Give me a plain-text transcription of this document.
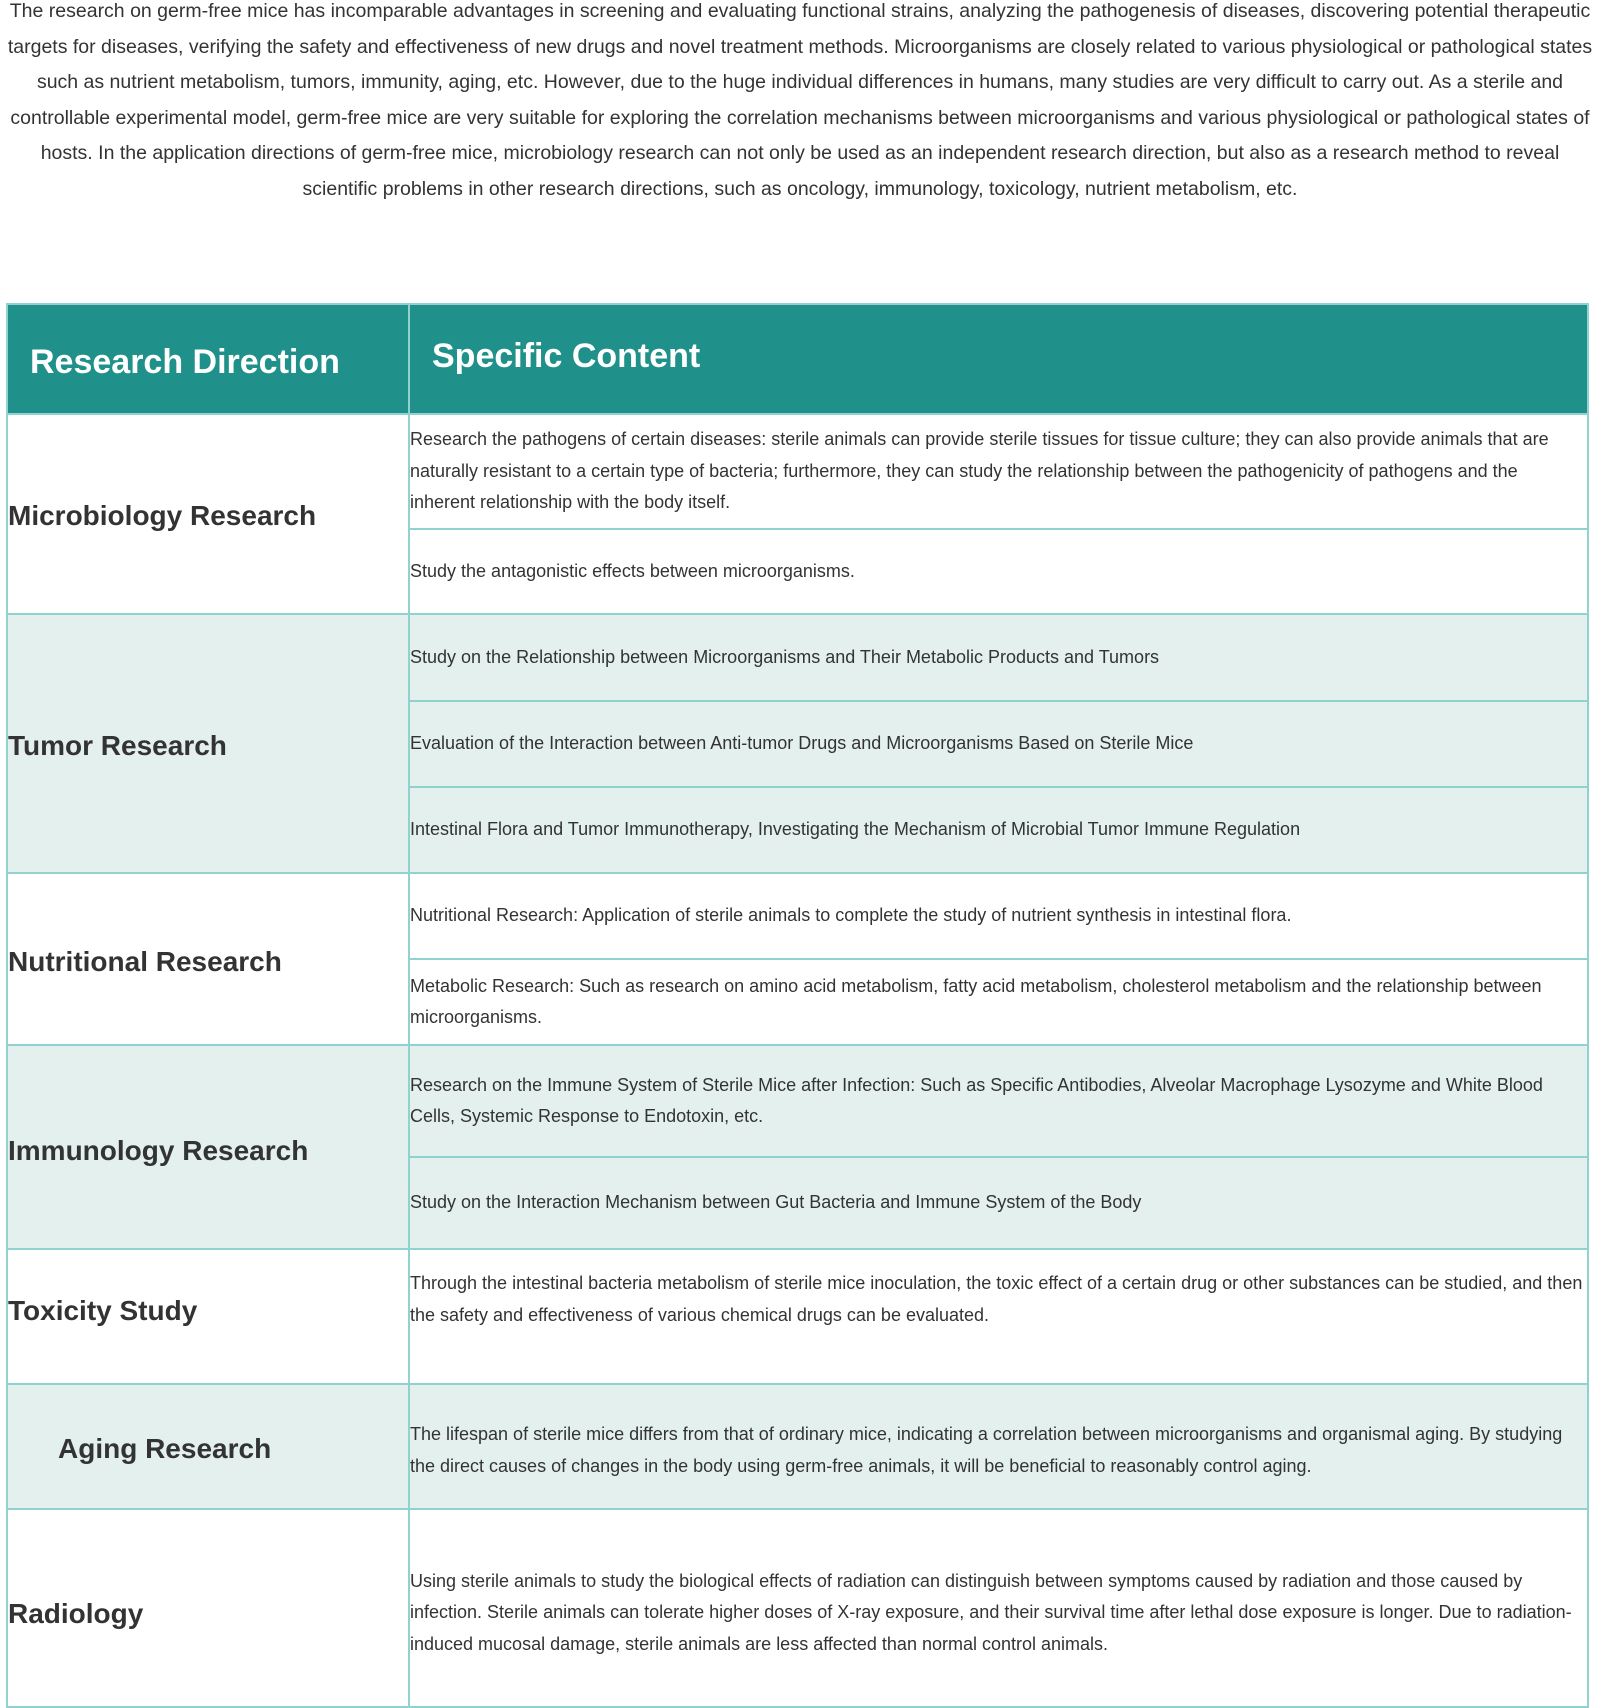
The research on germ-free mice has incomparable advantages in screening and evaluating functional strains, analyzing the pathogenesis of diseases, discovering potential therapeutic targets for diseases, verifying the safety and effectiveness of new drugs and novel treatment methods. Microorganisms are closely related to various physiological or pathological states such as nutrient metabolism, tumors, immunity, aging, etc. However, due to the huge individual differences in humans, many studies are very difficult to carry out. As a sterile and controllable experimental model, germ-free mice are very suitable for exploring the correlation mechanisms between microorganisms and various physiological or pathological states of hosts. In the application directions of germ-free mice, microbiology research can not only be used as an independent research direction, but also as a research method to reveal scientific problems in other research directions, such as oncology, immunology, toxicology, nutrient metabolism, etc.

Research Direction	Specific Content
Microbiology Research	Research the pathogens of certain diseases: sterile animals can provide sterile tissues for tissue culture; they can also provide animals that are naturally resistant to a certain type of bacteria; furthermore, they can study the relationship between the pathogenicity of pathogens and the inherent relationship with the body itself.
	Study the antagonistic effects between microorganisms.
Tumor Research	Study on the Relationship between Microorganisms and Their Metabolic Products and Tumors
	Evaluation of the Interaction between Anti-tumor Drugs and Microorganisms Based on Sterile Mice
	Intestinal Flora and Tumor Immunotherapy, Investigating the Mechanism of Microbial Tumor Immune Regulation
Nutritional Research	Nutritional Research: Application of sterile animals to complete the study of nutrient synthesis in intestinal flora.
	Metabolic Research: Such as research on amino acid metabolism, fatty acid metabolism, cholesterol metabolism and the relationship between microorganisms.
Immunology Research	Research on the Immune System of Sterile Mice after Infection: Such as Specific Antibodies, Alveolar Macrophage Lysozyme and White Blood Cells, Systemic Response to Endotoxin, etc.
	Study on the Interaction Mechanism between Gut Bacteria and Immune System of the Body
Toxicity Study	Through the intestinal bacteria metabolism of sterile mice inoculation, the toxic effect of a certain drug or other substances can be studied, and then the safety and effectiveness of various chemical drugs can be evaluated.
Aging Research	The lifespan of sterile mice differs from that of ordinary mice, indicating a correlation between microorganisms and organismal aging. By studying the direct causes of changes in the body using germ-free animals, it will be beneficial to reasonably control aging.
Radiology	Using sterile animals to study the biological effects of radiation can distinguish between symptoms caused by radiation and those caused by infection. Sterile animals can tolerate higher doses of X-ray exposure, and their survival time after lethal dose exposure is longer. Due to radiation-induced mucosal damage, sterile animals are less affected than normal control animals.
